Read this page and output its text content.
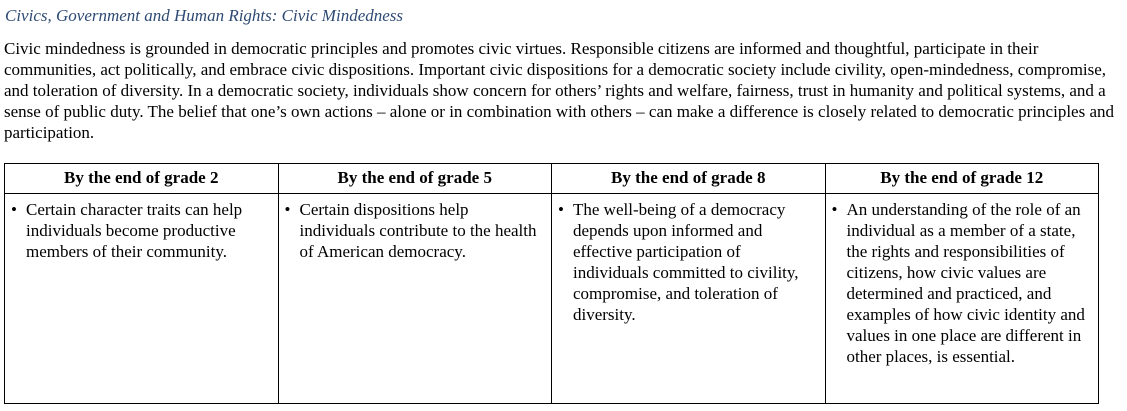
Civics, Government and Human Rights: Civic Mindedness

Civic mindedness is grounded in democratic principles and promotes civic virtues. Responsible citizens are informed and thoughtful, participate in their communities, act politically, and embrace civic dispositions. Important civic dispositions for a democratic society include civility, open-mindedness, compromise, and toleration of diversity. In a democratic society, individuals show concern for others’ rights and welfare, fairness, trust in humanity and political systems, and a sense of public duty. The belief that one’s own actions – alone or in combination with others – can make a difference is closely related to democratic principles and participation.

By the end of grade 2	By the end of grade 5	By the end of grade 8	By the end of grade 12

• Certain character traits can help individuals become productive members of their community.	• Certain dispositions help individuals contribute to the health of American democracy.	• The well-being of a democracy depends upon informed and effective participation of individuals committed to civility, compromise, and toleration of diversity.	• An understanding of the role of an individual as a member of a state, the rights and responsibilities of citizens, how civic values are determined and practiced, and examples of how civic identity and values in one place are different in other places, is essential.
